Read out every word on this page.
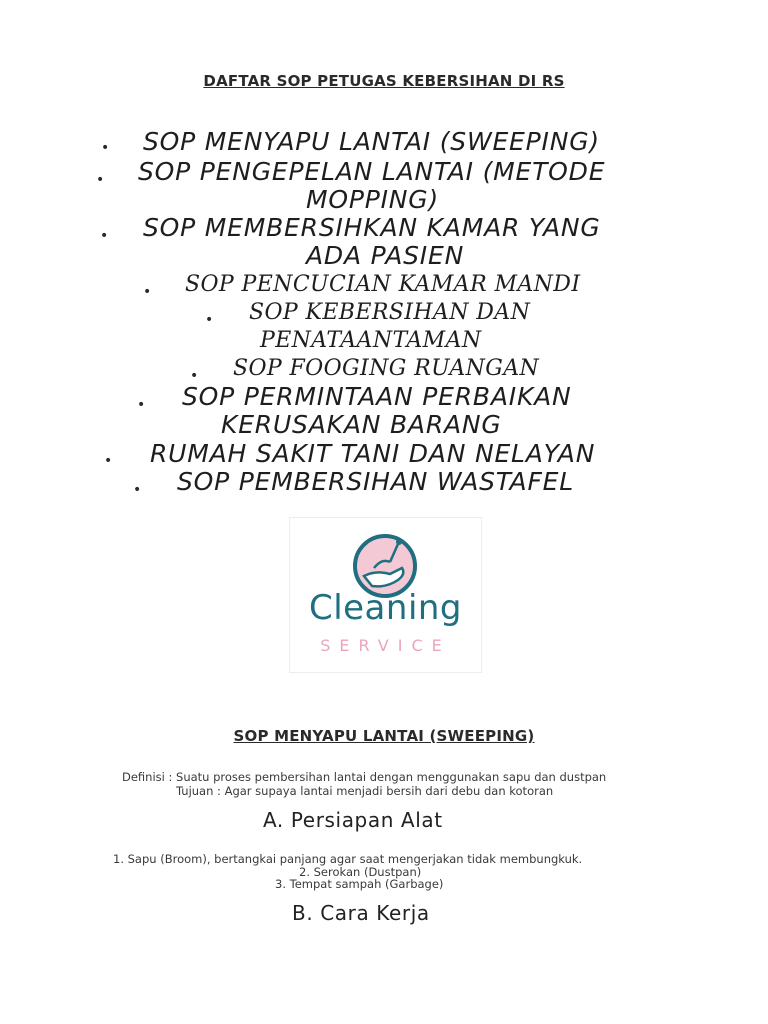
DAFTAR SOP PETUGAS KEBERSIHAN DI RS
• SOP MENYAPU LANTAI (SWEEPING)
• SOP PENGEPELAN LANTAI (METODE
MOPPING)
• SOP MEMBERSIHKAN KAMAR YANG
ADA PASIEN
• SOP PENCUCIAN KAMAR MANDI
• SOP KEBERSIHAN DAN
PENATAANTAMAN
• SOP FOOGING RUANGAN
• SOP PERMINTAAN PERBAIKAN
KERUSAKAN BARANG
• RUMAH SAKIT TANI DAN NELAYAN
• SOP PEMBERSIHAN WASTAFEL
Cleaning
SERVICE
SOP MENYAPU LANTAI (SWEEPING)
Definisi : Suatu proses pembersihan lantai dengan menggunakan sapu dan dustpan
Tujuan : Agar supaya lantai menjadi bersih dari debu dan kotoran
A. Persiapan Alat
1. Sapu (Broom), bertangkai panjang agar saat mengerjakan tidak membungkuk.
2. Serokan (Dustpan)
3. Tempat sampah (Garbage)
B. Cara Kerja
